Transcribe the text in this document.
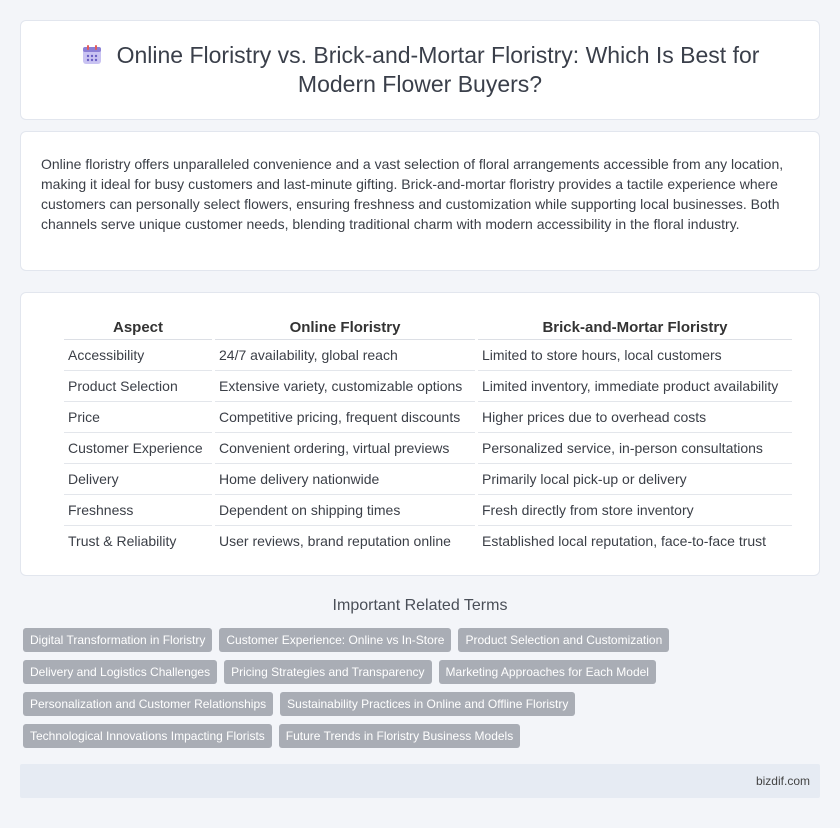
Online Floristry vs. Brick-and-Mortar Floristry: Which Is Best for Modern Flower Buyers?
Online floristry offers unparalleled convenience and a vast selection of floral arrangements accessible from any location, making it ideal for busy customers and last-minute gifting. Brick-and-mortar floristry provides a tactile experience where customers can personally select flowers, ensuring freshness and customization while supporting local businesses. Both channels serve unique customer needs, blending traditional charm with modern accessibility in the floral industry.
Aspect	Online Floristry	Brick-and-Mortar Floristry
Accessibility	24/7 availability, global reach	Limited to store hours, local customers
Product Selection	Extensive variety, customizable options	Limited inventory, immediate product availability
Price	Competitive pricing, frequent discounts	Higher prices due to overhead costs
Customer Experience	Convenient ordering, virtual previews	Personalized service, in-person consultations
Delivery	Home delivery nationwide	Primarily local pick-up or delivery
Freshness	Dependent on shipping times	Fresh directly from store inventory
Trust & Reliability	User reviews, brand reputation online	Established local reputation, face-to-face trust
Important Related Terms
Digital Transformation in Floristry	Customer Experience: Online vs In-Store	Product Selection and Customization
Delivery and Logistics Challenges	Pricing Strategies and Transparency	Marketing Approaches for Each Model
Personalization and Customer Relationships	Sustainability Practices in Online and Offline Floristry
Technological Innovations Impacting Florists	Future Trends in Floristry Business Models
bizdif.com
